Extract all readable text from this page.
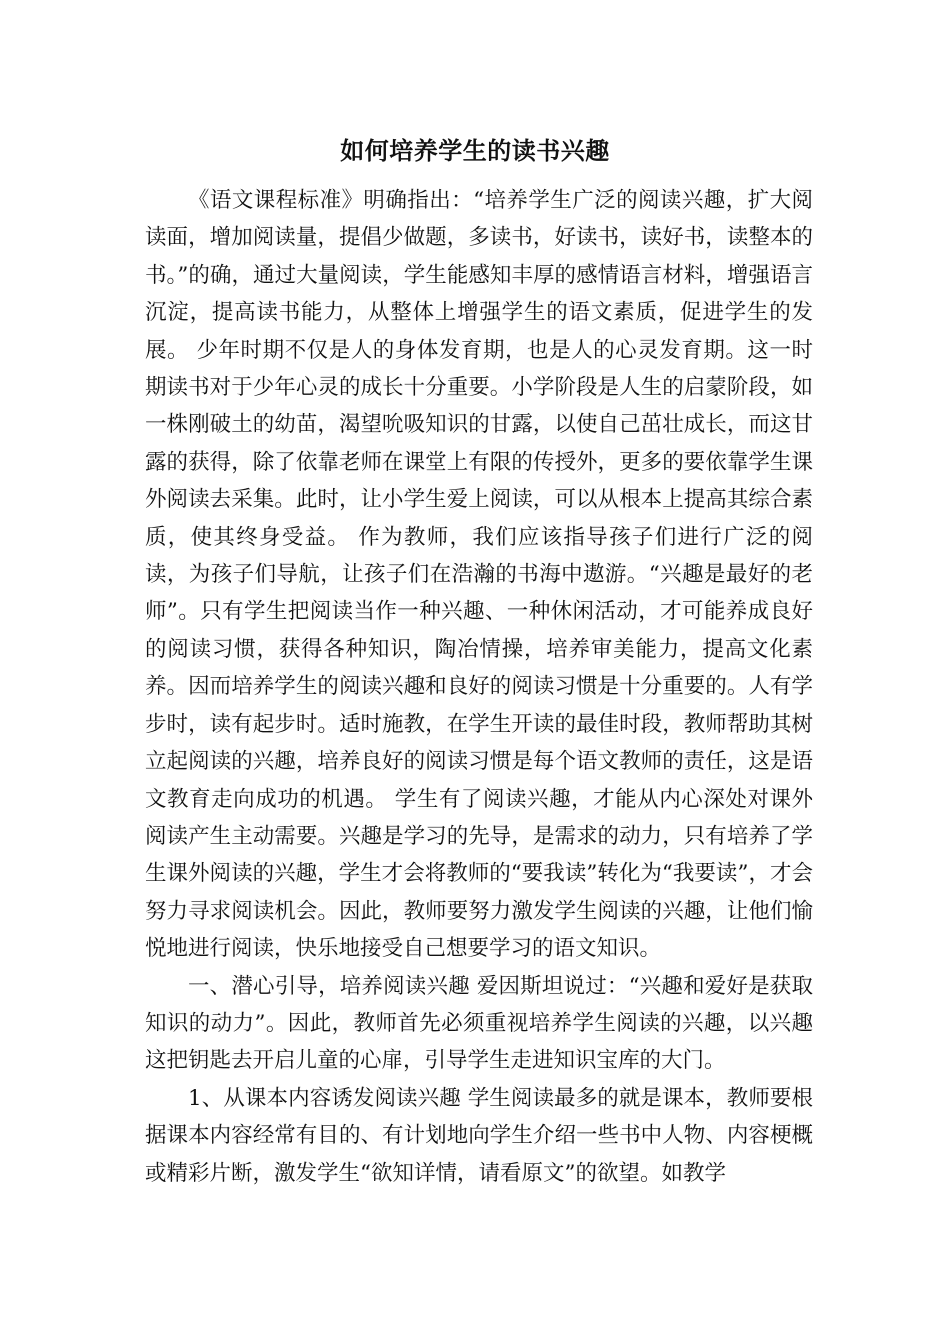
如何培养学生的读书兴趣

《语文课程标准》明确指出：“培养学生广泛的阅读兴趣，扩大阅读面，增加阅读量，提倡少做题，多读书，好读书，读好书，读整本的书。”的确，通过大量阅读，学生能感知丰厚的感情语言材料，增强语言沉淀，提高读书能力，从整体上增强学生的语文素质，促进学生的发展。 少年时期不仅是人的身体发育期，也是人的心灵发育期。这一时期读书对于少年心灵的成长十分重要。小学阶段是人生的启蒙阶段，如一株刚破土的幼苗，渴望吮吸知识的甘露，以使自己茁壮成长，而这甘露的获得，除了依靠老师在课堂上有限的传授外，更多的要依靠学生课外阅读去采集。此时，让小学生爱上阅读，可以从根本上提高其综合素质，使其终身受益。 作为教师，我们应该指导孩子们进行广泛的阅读，为孩子们导航，让孩子们在浩瀚的书海中遨游。“兴趣是最好的老师”。只有学生把阅读当作一种兴趣、一种休闲活动，才可能养成良好的阅读习惯，获得各种知识，陶冶情操，培养审美能力，提高文化素养。因而培养学生的阅读兴趣和良好的阅读习惯是十分重要的。人有学步时，读有起步时。适时施教，在学生开读的最佳时段，教师帮助其树立起阅读的兴趣，培养良好的阅读习惯是每个语文教师的责任，这是语文教育走向成功的机遇。 学生有了阅读兴趣，才能从内心深处对课外阅读产生主动需要。兴趣是学习的先导，是需求的动力，只有培养了学生课外阅读的兴趣，学生才会将教师的“要我读”转化为“我要读”，才会努力寻求阅读机会。因此，教师要努力激发学生阅读的兴趣，让他们愉悦地进行阅读，快乐地接受自己想要学习的语文知识。

一、潜心引导，培养阅读兴趣 爱因斯坦说过：“兴趣和爱好是获取知识的动力”。因此，教师首先必须重视培养学生阅读的兴趣，以兴趣这把钥匙去开启儿童的心扉，引导学生走进知识宝库的大门。

1、从课本内容诱发阅读兴趣 学生阅读最多的就是课本，教师要根据课本内容经常有目的、有计划地向学生介绍一些书中人物、内容梗概或精彩片断，激发学生“欲知详情，请看原文”的欲望。如教学
